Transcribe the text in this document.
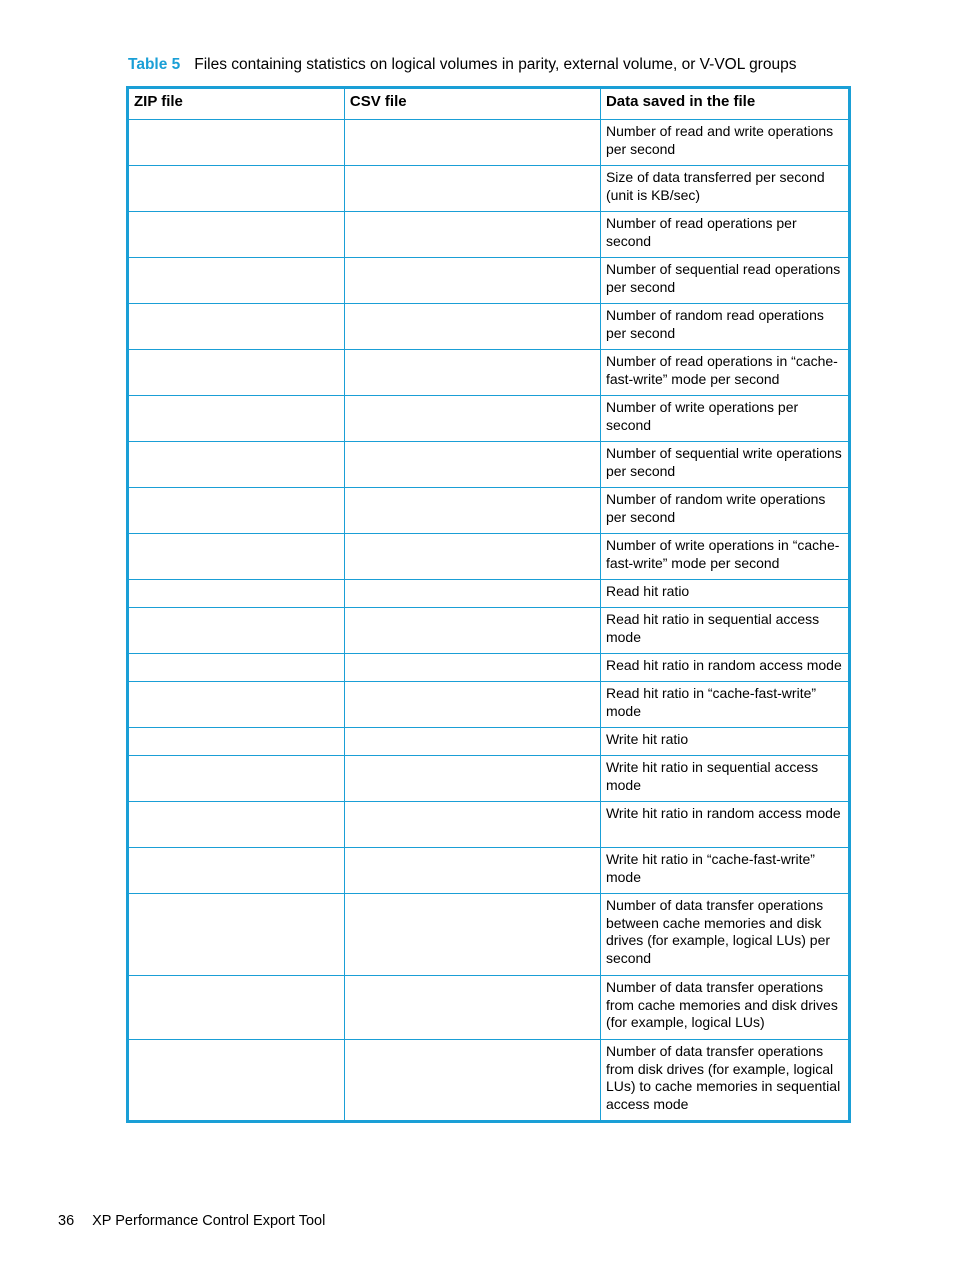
Table 5 Files containing statistics on logical volumes in parity, external volume, or V-VOL groups
ZIP file	CSV file	Data saved in the file
		Number of read and write operations per second
		Size of data transferred per second (unit is KB/sec)
		Number of read operations per second
		Number of sequential read operations per second
		Number of random read operations per second
		Number of read operations in “cache-fast-write” mode per second
		Number of write operations per second
		Number of sequential write operations per second
		Number of random write operations per second
		Number of write operations in “cache-fast-write” mode per second
		Read hit ratio
		Read hit ratio in sequential access mode
		Read hit ratio in random access mode
		Read hit ratio in “cache-fast-write” mode
		Write hit ratio
		Write hit ratio in sequential access mode
		Write hit ratio in random access mode
		Write hit ratio in “cache-fast-write” mode
		Number of data transfer operations between cache memories and disk drives (for example, logical LUs) per second
		Number of data transfer operations from cache memories and disk drives (for example, logical LUs)
		Number of data transfer operations from disk drives (for example, logical LUs) to cache memories in sequential access mode
36 XP Performance Control Export Tool
